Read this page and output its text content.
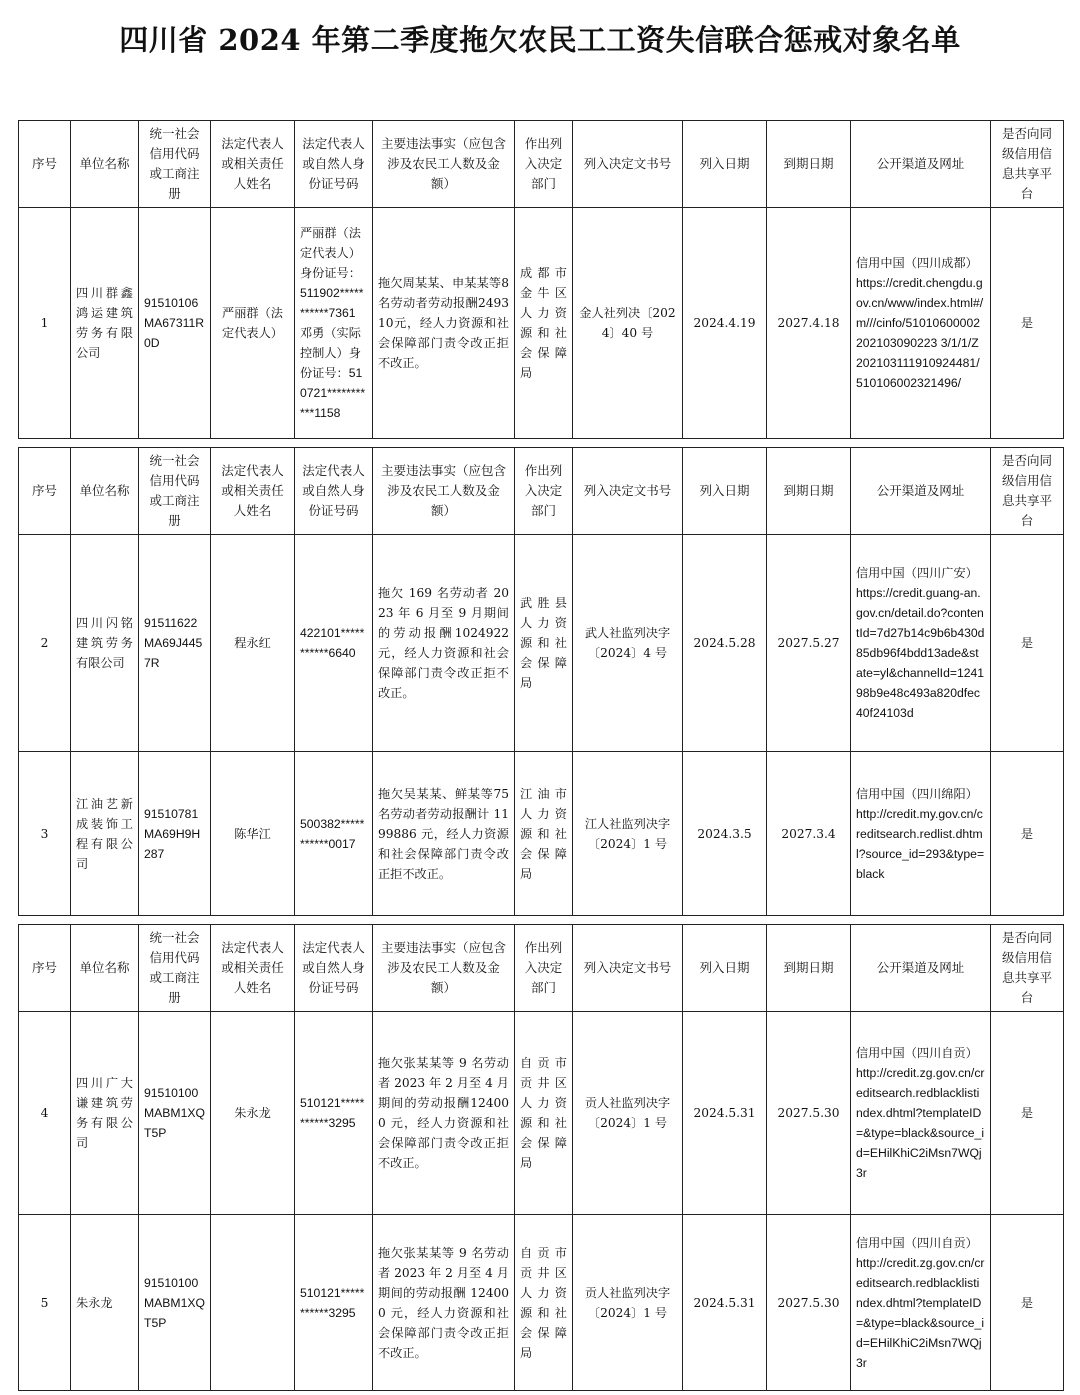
四川省 2024 年第二季度拖欠农民工工资失信联合惩戒对象名单
序号	单位名称	统一社会信用代码或工商注册	法定代表人或相关责任人姓名	法定代表人或自然人身份证号码	主要违法事实（应包含涉及农民工人数及金额）	作出列入决定部门	列入决定文书号	列入日期	到期日期	公开渠道及网址	是否向同级信用信息共享平台
1	四川群鑫鸿运建筑劳务有限公司	91510106MA67311R0D	严丽群（法定代表人）	严丽群（法定代表人）身份证号：511902***********7361 邓勇（实际控制人）身份证号：510721***********1158	拖欠周某某、申某某等8名劳动者劳动报酬249310元，经人力资源和社会保障部门责令改正拒不改正。	成都市金牛区人力资源和社会保障局	金人社列决〔2024〕40 号	2024.4.19	2027.4.18	信用中国（四川成都）
https://credit.chengdu.gov.cn/www/index.html#/m///cinfo/51010600002202103090223 3/1/1/Z202103111910924481/510106002321496/	是
序号	单位名称	统一社会信用代码或工商注册	法定代表人或相关责任人姓名	法定代表人或自然人身份证号码	主要违法事实（应包含涉及农民工人数及金额）	作出列入决定部门	列入决定文书号	列入日期	到期日期	公开渠道及网址	是否向同级信用信息共享平台
2	四川闪铭建筑劳务有限公司	91511622MA69J4457R	程永红	422101***********6640	拖欠 169 名劳动者 2023 年 6 月至 9 月期间的劳动报酬1024922元，经人力资源和社会保障部门责令改正拒不改正。	武胜县人力资源和社会保障局	武人社监列决字〔2024〕4 号	2024.5.28	2027.5.27	信用中国（四川广安）
https://credit.guang-an.gov.cn/detail.do?contentId=7d27b14c9b6b430d85db96f4bdd13ade&state=yl&channelId=124198b9e48c493a820dfec40f24103d	是
3	江油艺新成装饰工程有限公司	91510781MA69H9H287	陈华江	500382***********0017	拖欠吴某某、鲜某等75名劳动者劳动报酬计 1199886 元，经人力资源和社会保障部门责令改正拒不改正。	江油市人力资源和社会保障局	江人社监列决字〔2024〕1 号	2024.3.5	2027.3.4	信用中国（四川绵阳）
http://credit.my.gov.cn/creditsearch.redlist.dhtml?source_id=293&type=black	是
序号	单位名称	统一社会信用代码或工商注册	法定代表人或相关责任人姓名	法定代表人或自然人身份证号码	主要违法事实（应包含涉及农民工人数及金额）	作出列入决定部门	列入决定文书号	列入日期	到期日期	公开渠道及网址	是否向同级信用信息共享平台
4	四川广大谦建筑劳务有限公司	91510100MABM1XQT5P	朱永龙	510121***********3295	拖欠张某某等 9 名劳动者 2023 年 2 月至 4 月期间的劳动报酬124000 元，经人力资源和社会保障部门责令改正拒不改正。	自贡市贡井区人力资源和社会保障局	贡人社监列决字〔2024〕1 号	2024.5.31	2027.5.30	信用中国（四川自贡）
http://credit.zg.gov.cn/creditsearch.redblacklistindex.dhtml?templateID=&type=black&source_id=EHilKhiC2iMsn7WQj3r	是
5	朱永龙	91510100MABM1XQT5P		510121***********3295	拖欠张某某等 9 名劳动者 2023 年 2 月至 4 月期间的劳动报酬 124000 元，经人力资源和社会保障部门责令改正拒不改正。	自贡市贡井区人力资源和社会保障局	贡人社监列决字〔2024〕1 号	2024.5.31	2027.5.30	信用中国（四川自贡）
http://credit.zg.gov.cn/creditsearch.redblacklistindex.dhtml?templateID=&type=black&source_id=EHilKhiC2iMsn7WQj3r	是
